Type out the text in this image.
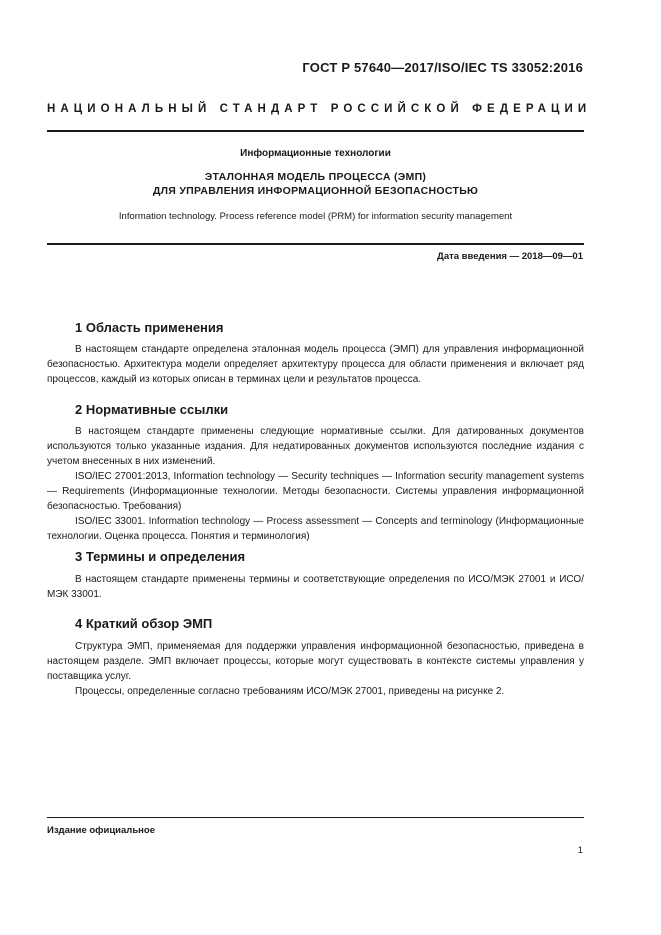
ГОСТ Р 57640—2017/ISO/IEC TS 33052:2016
НАЦИОНАЛЬНЫЙ СТАНДАРТ РОССИЙСКОЙ ФЕДЕРАЦИИ
Информационные технологии
ЭТАЛОННАЯ МОДЕЛЬ ПРОЦЕССА (ЭМП)
ДЛЯ УПРАВЛЕНИЯ ИНФОРМАЦИОННОЙ БЕЗОПАСНОСТЬЮ
Information technology. Process reference model (PRM) for information security management
Дата введения — 2018—09—01
1 Область применения

В настоящем стандарте определена эталонная модель процесса (ЭМП) для управления информационной безопасностью. Архитектура модели определяет архитектуру процесса для области применения и включает ряд процессов, каждый из которых описан в терминах цели и результатов процесса.

2 Нормативные ссылки

В настоящем стандарте применены следующие нормативные ссылки. Для датированных документов используются только указанные издания. Для недатированных документов используются последние издания с учетом внесенных в них изменений.

ISO/IEC 27001:2013, Information technology — Security techniques — Information security management systems — Requirements (Информационные технологии. Методы безопасности. Системы управления информационной безопасностью. Требования)

ISO/IEC 33001. Information technology — Process assessment — Concepts and terminology (Информационные технологии. Оценка процесса. Понятия и терминология)

3 Термины и определения

В настоящем стандарте применены термины и соответствующие определения по ИСО/МЭК 27001 и ИСО/МЭК 33001.

4 Краткий обзор ЭМП

Структура ЭМП, применяемая для поддержки управления информационной безопасностью, приведена в настоящем разделе. ЭМП включает процессы, которые могут существовать в контексте системы управления у поставщика услуг.

Процессы, определенные согласно требованиям ИСО/МЭК 27001, приведены на рисунке 2.

Издание официальное
1
